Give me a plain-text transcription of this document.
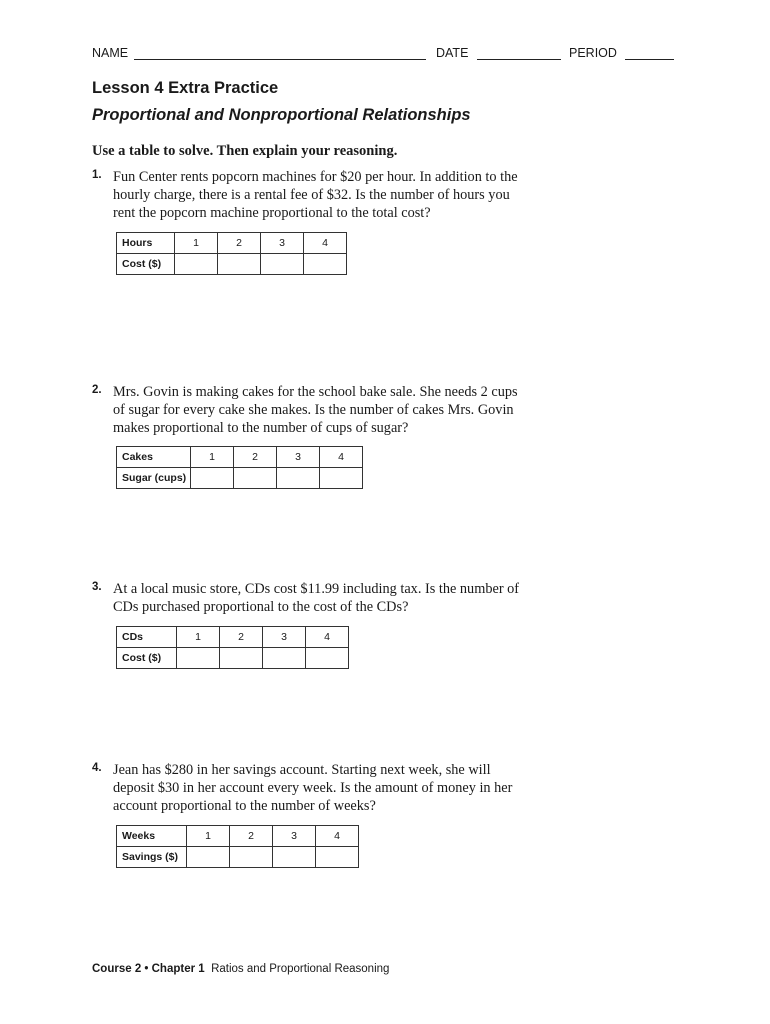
NAME	DATE	PERIOD
Lesson 4 Extra Practice
Proportional and Nonproportional Relationships
Use a table to solve. Then explain your reasoning.
1. Fun Center rents popcorn machines for $20 per hour. In addition to the
hourly charge, there is a rental fee of $32. Is the number of hours you
rent the popcorn machine proportional to the total cost?
Hours	1	2	3	4
Cost ($)				
2. Mrs. Govin is making cakes for the school bake sale. She needs 2 cups
of sugar for every cake she makes. Is the number of cakes Mrs. Govin
makes proportional to the number of cups of sugar?
Cakes	1	2	3	4
Sugar (cups)				
3. At a local music store, CDs cost $11.99 including tax. Is the number of
CDs purchased proportional to the cost of the CDs?
CDs	1	2	3	4
Cost ($)				
4. Jean has $280 in her savings account. Starting next week, she will
deposit $30 in her account every week. Is the amount of money in her
account proportional to the number of weeks?
Weeks	1	2	3	4
Savings ($)				
Course 2 • Chapter 1 Ratios and Proportional Reasoning
